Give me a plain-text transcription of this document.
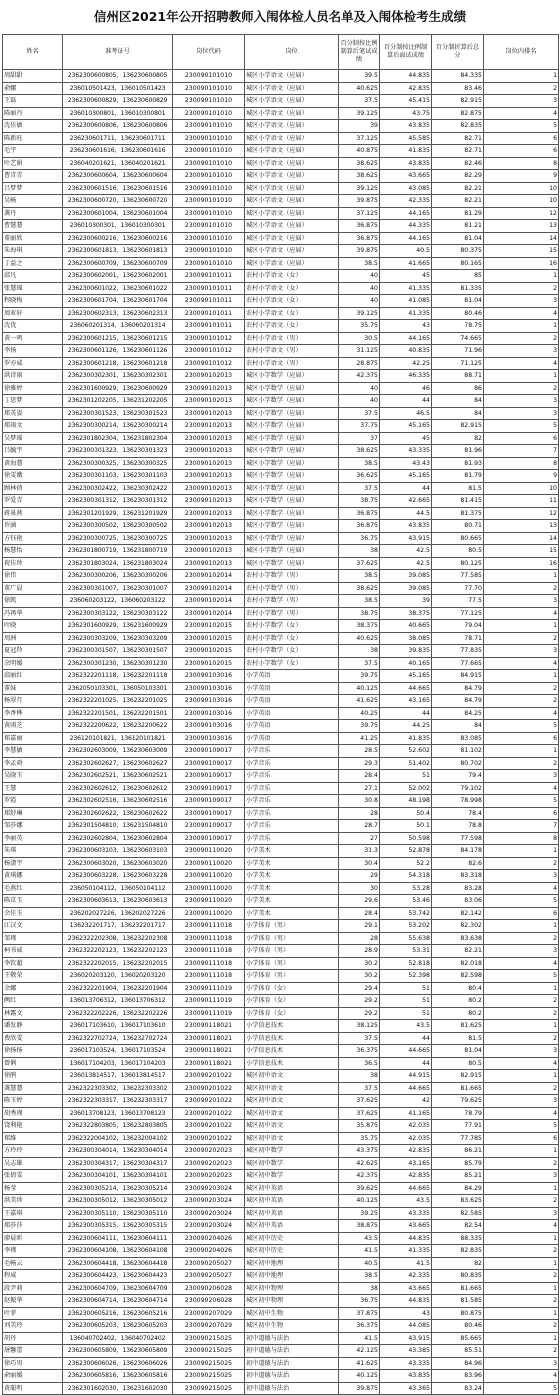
信州区2021年公开招聘教师入闱体检人员名单及入闱体检考生成绩
姓名	准考证号	岗位代码	岗位	百分制按比例制算后笔试成绩	百分制按比例制算后面试成绩	百分制折算后总分	岗位内排名
周甜甜	2362300600805，136230600805	230090101010	城区小学语文（应届）	39.5	44.835	84.335	1
俞娜	236010501423，136010501423	230090101010	城区小学语文（应届）	40.625	42.835	83.46	2
王磊	2362300600829，136230600829	230090101010	城区小学语文（应届）	37.5	45.415	82.915	3
陈丽丹	236010300801，136010300801	230090101010	城区小学语文（应届）	39.125	43.75	82.875	4
沈佳敏	2362300600806，136230600806	230090101010	城区小学语文（应届）	39	43.835	82.835	5
陈新旺	236230601711，136230601711	230090101010	城区小学语文（应届）	37.125	45.585	82.71	6
毛宇	236230601616，136230601616	230090101010	城区小学语文（应届）	40.875	41.835	82.71	6
叶艺娟	236040201621，136040201621	230090101010	城区小学语文（应届）	38.625	43.835	82.46	8
曹青青	2362300600604，136230600604	230090101010	城区小学语文（应届）	38.625	43.665	82.29	9
吕梦梦	2362300601516，136230601516	230090101010	城区小学语文（应届）	39.125	43.085	82.21	10
吴畅	2362300600720，136230600720	230090101010	城区小学语文（应届）	39.875	42.335	82.21	10
龚丹	2362300601004，136230601004	230090101010	城区小学语文（应届）	37.125	44.165	81.29	12
曹慧慧	236010300301，136010300301	230090101010	城区小学语文（应届）	36.875	44.335	81.21	13
董丽欣	2362300600216，136230600216	230090101010	城区小学语文（应届）	36.875	44.165	81.04	14
朱海琪	2362300601813，136230601813	230090101010	城区小学语文（应届）	39.875	40.5	80.375	15
丁益之	2362300600709，136230600709	230090101010	城区小学语文（应届）	38.5	41.665	80.165	16
邱凡	2362300602001，136230602001	230090101011	农村小学语文（女）	40	45	85	1
张慧瑶	2362300601022，136230601022	230090101011	农村小学语文（女）	40	41.335	81.335	2
程晓梅	2362300601704，136230601704	230090101011	农村小学语文（女）	40	41.085	81.04	3
周亚轩	2362300602313，136230602313	230090101011	农村小学语文（女）	39.125	41.335	80.46	4
沈优	236060201314，136060201314	230090101011	农村小学语文（女）	35.75	43	78.75	1
黄一鸣	2362300601215，136230601215	230090101012	农村小学语文（男）	30.5	44.165	74.665	2
李扬	2362300601126，136230601126	230090101012	农村小学语文（男）	31.125	40.835	71.96	3
罗亦威	2362300601218，136230601218	230090101012	农村小学语文（男）	28.875	42.25	71.125	4
洪诗雨	2362300302301，136230302301	230090102013	城区小学数学（应届）	42.375	46.335	88.71	1
徐雅婷	2362301600929，136230600929	230090102013	城区小学数学（应届）	40	46	86	2
丁思梦	2362301202205，136231202205	230090102013	城区小学数学（应届）	40	44	84	3
郑英姿	2362300301523，136230301523	230090102013	城区小学数学（应届）	37.5	46.5	84	3
郑雨文	2362300300214，136230300214	230090102013	城区小学数学（应届）	37.75	45.165	82.915	5
吴梦瑶	2362301802304，136231802304	230090102013	城区小学数学（应届）	37	45	82	6
吕毓宇	2362300301323，136230301323	230090102013	城区小学数学（应届）	38.625	43.335	81.96	7
黄海慧	2362300300325，136230300325	230090102013	城区小学数学（应届）	38.5	43.43	81.93	8
徐雯娥	2362300301103，136230301103	230090102013	城区小学数学（应届）	36.625	45.165	81.79	9
顾林倩	2362300302422，136230302422	230090102013	城区小学数学（应届）	37.5	44	81.5	10
罗爱青	2362300301312，136230301312	230090102013	城区小学数学（应届）	38.75	42.665	81.415	11
蒋景燕	2362301201929，136231201929	230090102013	城区小学数学（应届）	36.875	44.5	81.375	12
许涵	2362300300502，136230300502	230090102013	城区小学数学（应届）	36.875	43.835	80.71	13
方钰艳	2362300300725，136230300725	230090102013	城区小学数学（应届）	36.75	43.915	80.665	14
杨慧怡	2362301800719，136231800719	230090102013	城区小学数学（应届）	38	42.5	80.5	15
祝佳珍	2362301803024，136231803024	230090102013	城区小学数学（应届）	37.625	42.5	80.125	16
徐伟	2362300300206，136230300206	230090102014	农村小学数学（男）	38.5	39.085	77.585	1
董广晨	2362300301007，136230301007	230090102014	农村小学数学（男）	38.625	39.085	77.70	2
徐凯	236060203122，136060203122	230090102014	农村小学数学（男）	38.5	39	77.5	3
冯再华	2362300303122，136230303122	230090102014	农村小学数学（男）	38.75	38.375	77.125	4
叶晓	2362301600929，136231600929	230090102015	农村小学数学（女）	38.375	40.665	79.04	1
周洲	2362300303209，136230303209	230090102015	农村小学数学（女）	40.625	38.085	78.71	2
夏冠羚	2362300301507，136230301507	230090102015	农村小学数学（女）	38	39.835	77.835	3
余明媛	2362300301230，136230301230	230090102015	农村小学数学（女）	37.5	40.165	77.665	4
邱丽红	2362322201118，136232201118	230090103016	小学英语	39.75	45.165	84.915	1
董妹	2362050103301，136050103301	230090103016	小学英语	40.125	44.665	84.79	2
杨翠月	2362322201025，136232201025	230090103016	小学英语	41.625	43.165	84.79	2
李香桦	2362322201501，136232201501	230090103016	小学英语	40.25	44	84.25	4
黄雨芝	2362322200622，136232200622	230090103016	小学英语	39.75	44.25	84	5
郑嘉丽	236120101821，136120101821	230090103016	小学英语	41.25	41.835	83.085	6
李慧敏	2362302603009，136230603009	230090109017	小学音乐	28.5	52.602	81.102	1
李孟舜	2362302602627，136230602627	230090109017	小学音乐	29.3	51.402	80.702	2
吴晓玉	2362302602521，136230602521	230090109017	小学音乐	28.4	51	79.4	3
王慧	2362302602612，136230602612	230090109017	小学音乐	27.1	52.002	79.102	4
罗霞	2362302602516，136230602516	230090109017	小学音乐	30.8	48.198	78.998	5
郑舒琳	2362302602622，136230602622	230090109017	小学音乐	28	50.4	78.4	6
邹莎娜	2362301504810，136231504810	230090109017	小学音乐	28.7	50.1	78.8	7
李丽英	2362302602804，136230602804	230090109017	小学音乐	27	50.598	77.598	8
朱琪	2362300603103，136230603103	230090110020	小学美术	31.3	52.878	84.178	1
杨潇宇	2362300603020，136230603020	230090110020	小学美术	30.4	52.2	82.6	2
黄琪娜	2362300603228，136230603228	230090110020	小学美术	29	54.318	83.318	3
毛燕红	236050104112，136050104112	230090110020	小学美术	30	53.28	83.28	4
陈京玉	2362300603613，136230603613	230090110020	小学美术	29.6	53.46	83.06	5
余佳玉	236202027226，136202027226	230090110020	小学美术	28.4	53.742	82.142	6
江汉文	136232201717，136232201717	230090111018	小学体育（男）	29.1	53.202	82.302	1
邹瑾	2362322202308，136232202308	230090111018	小学体育（男）	28	55.638	83.638	2
柯书威	2362322202123，136232202123	230090111018	小学体育（男）	28.9	53.31	82.21	3
李钦超	2362322202015，136232202015	230090111018	小学体育（男）	30.2	52.818	82.018	4
王敬荣	236020203120，136020203120	230090111018	小学体育（男）	30.2	52.398	82.598	5
余娜	2362322201904，136232201904	230090111019	小学体育（女）	29.4	51	80.4	1
阙红	136013706312，136013706312	230090111019	小学体育（女）	29.2	51	80.2	2
林露文	2362322202226，136232202226	230090111019	小学体育（女）	29.2	51	80.2	2
潘发静	236017103610，136017103610	230090118021	小学信息技术	38.125	43.5	81.625	1
费欣雯	2362322702724，136232702724	230090118021	小学信息技术	37.5	44	81.5	2
徐扬扬	236017103524，136017103524	230090118021	小学信息技术	36.375	44.665	81.04	3
曾俐	136017104203，136017104203	230090118021	小学信息技术	36.5	44	80.5	4
徐鹃	236013814517，136013814517	230090201022	城区初中语文	38	44.915	82.915	1
龚慧慧	2362322303302，136232303302	230090201022	城区初中语文	37.5	44.665	81.665	2
陈玉婷	2362322303317，136232303317	230090201022	城区初中语文	37.625	42	79.625	3
胡秀瑾	236013708123，136013708123	230090201022	城区初中语文	37.625	41.165	78.79	4
饶利艳	2362322803805，136232803805	230090201022	城区初中语文	35.875	42.035	77.91	5
郑维	2362322004102，136232004102	230090201022	城区初中语文	35.75	42.035	77.785	6
方玲玲	2362300304014，136230304014	230090202023	城区初中数学	43.375	42.835	86.21	1
吴志雄	2362300304317，136230304317	230090202023	城区初中数学	42.625	43.165	85.79	2
张倩雯	2362300304101，136230304101	230090202023	城区初中数学	42.375	42.835	85.21	3
杨莹	2362300305214，136230305214	230090203024	城区初中英语	39.625	44.665	84.29	1
洪美珍	2362300305012，136230305012	230090203024	城区初中英语	40.125	43.5	83.625	2
王嘉琪	2362300305110，136230305110	230090203024	城区初中英语	39.25	43.335	82.585	3
郑莎莎	2362300305315，136230305315	230090203024	城区初中英语	38.875	43.665	82.54	4
廖晨昕	2362300604111，136230604111	230090204026	城区初中历史	43.5	44.835	88.335	1
李瑾	2362300604108，136230604108	230090204026	城区初中历史	41.5	41.335	82.835	2
毛畅云	2362300604418，136230604418	230090205027	城区初中地理	40.5	41.5	82	1
程威	2362300604423，136230604423	230090205027	城区初中地理	38.5	42.335	80.835	2
段尹莉	2362300604709，136230604709	230090206028	城区初中物理	38	43.665	81.665	1
赵振华	2362300604714，136230604714	230090206028	城区初中物理	36.75	44.835	81.585	2
叶菲	2362300605216，136230605216	230090207029	城区初中生物	37.875	43	80.875	1
刘美玲	2362300605203，136230605203	230090207029	城区初中生物	36.375	44.085	80.46	2
胡丹	136040702402，136040702402	230090215025	初中道德与法治	41.5	43.915	85.665	1
屠馨蕾	2362300605809，136230605809	230090215025	初中道德与法治	42.125	43.385	85.51	2
徐巧男	2362300606026，136230606026	230090215025	初中道德与法治	41.625	43.335	84.96	3
俞丽媛	2362300605816，136230605816	230090215025	初中道德与法治	40.125	43.835	83.96	4
黄聪明	2362301602030，136231602030	230090215025	初中道德与法治	39.875	43.365	83.24	5
